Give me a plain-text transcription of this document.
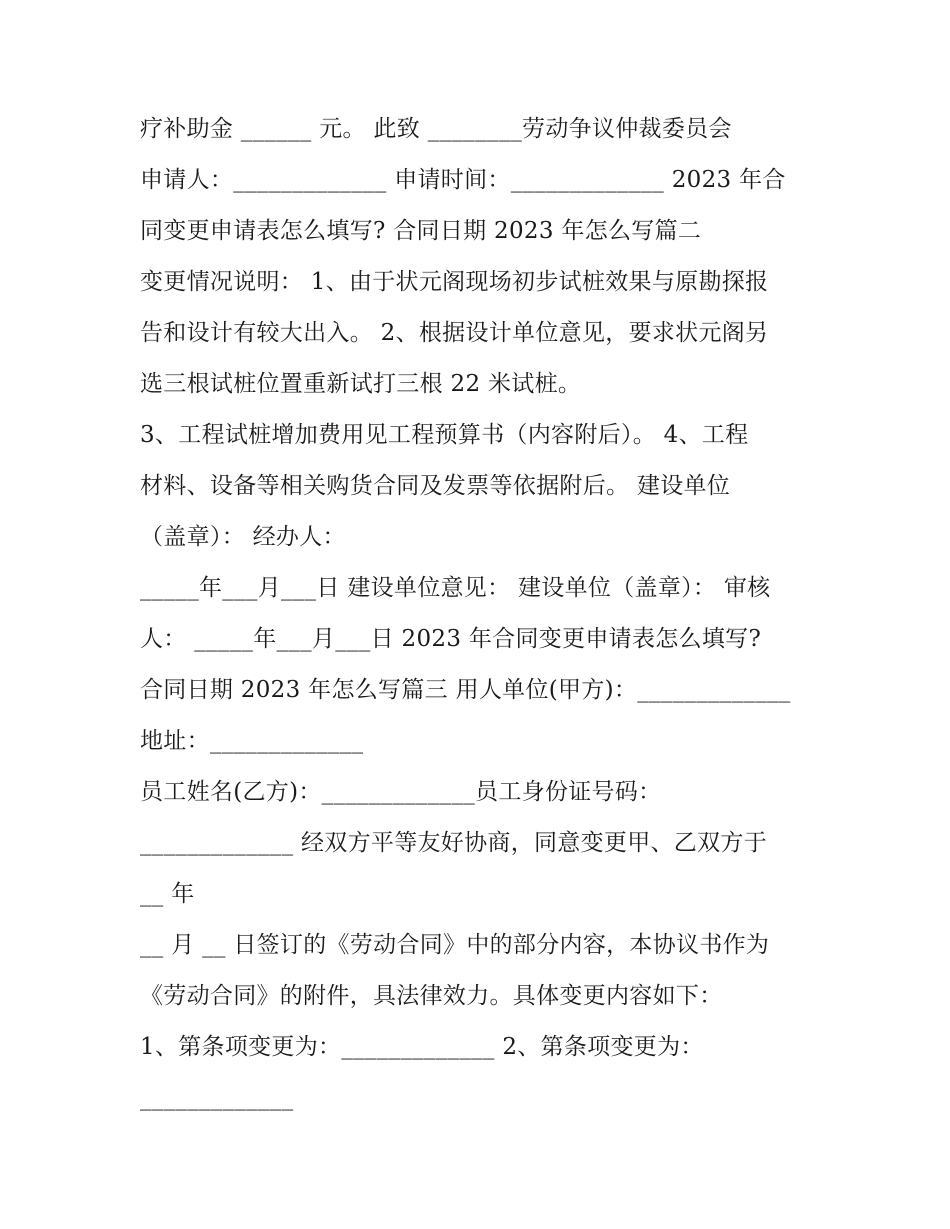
疗补助金 ______ 元。 此致 ________劳动争议仲裁委员会
申请人：_____________ 申请时间：_____________ 2023 年合
同变更申请表怎么填写? 合同日期 2023 年怎么写篇二
变更情况说明： 1、由于状元阁现场初步试桩效果与原勘探报
告和设计有较大出入。 2、根据设计单位意见，要求状元阁另
选三根试桩位置重新试打三根 22 米试桩。
3、工程试桩增加费用见工程预算书（内容附后）。 4、工程
材料、设备等相关购货合同及发票等依据附后。 建设单位
（盖章）： 经办人：
_____年___月___日 建设单位意见： 建设单位（盖章）： 审核
人： _____年___月___日 2023 年合同变更申请表怎么填写?
合同日期 2023 年怎么写篇三 用人单位(甲方)：_____________
地址：_____________
员工姓名(乙方)：_____________员工身份证号码：
_____________ 经双方平等友好协商，同意变更甲、乙双方于
__ 年
__ 月 __ 日签订的《劳动合同》中的部分内容，本协议书作为
《劳动合同》的附件，具法律效力。具体变更内容如下：
1、第条项变更为：_____________ 2、第条项变更为：
_____________
